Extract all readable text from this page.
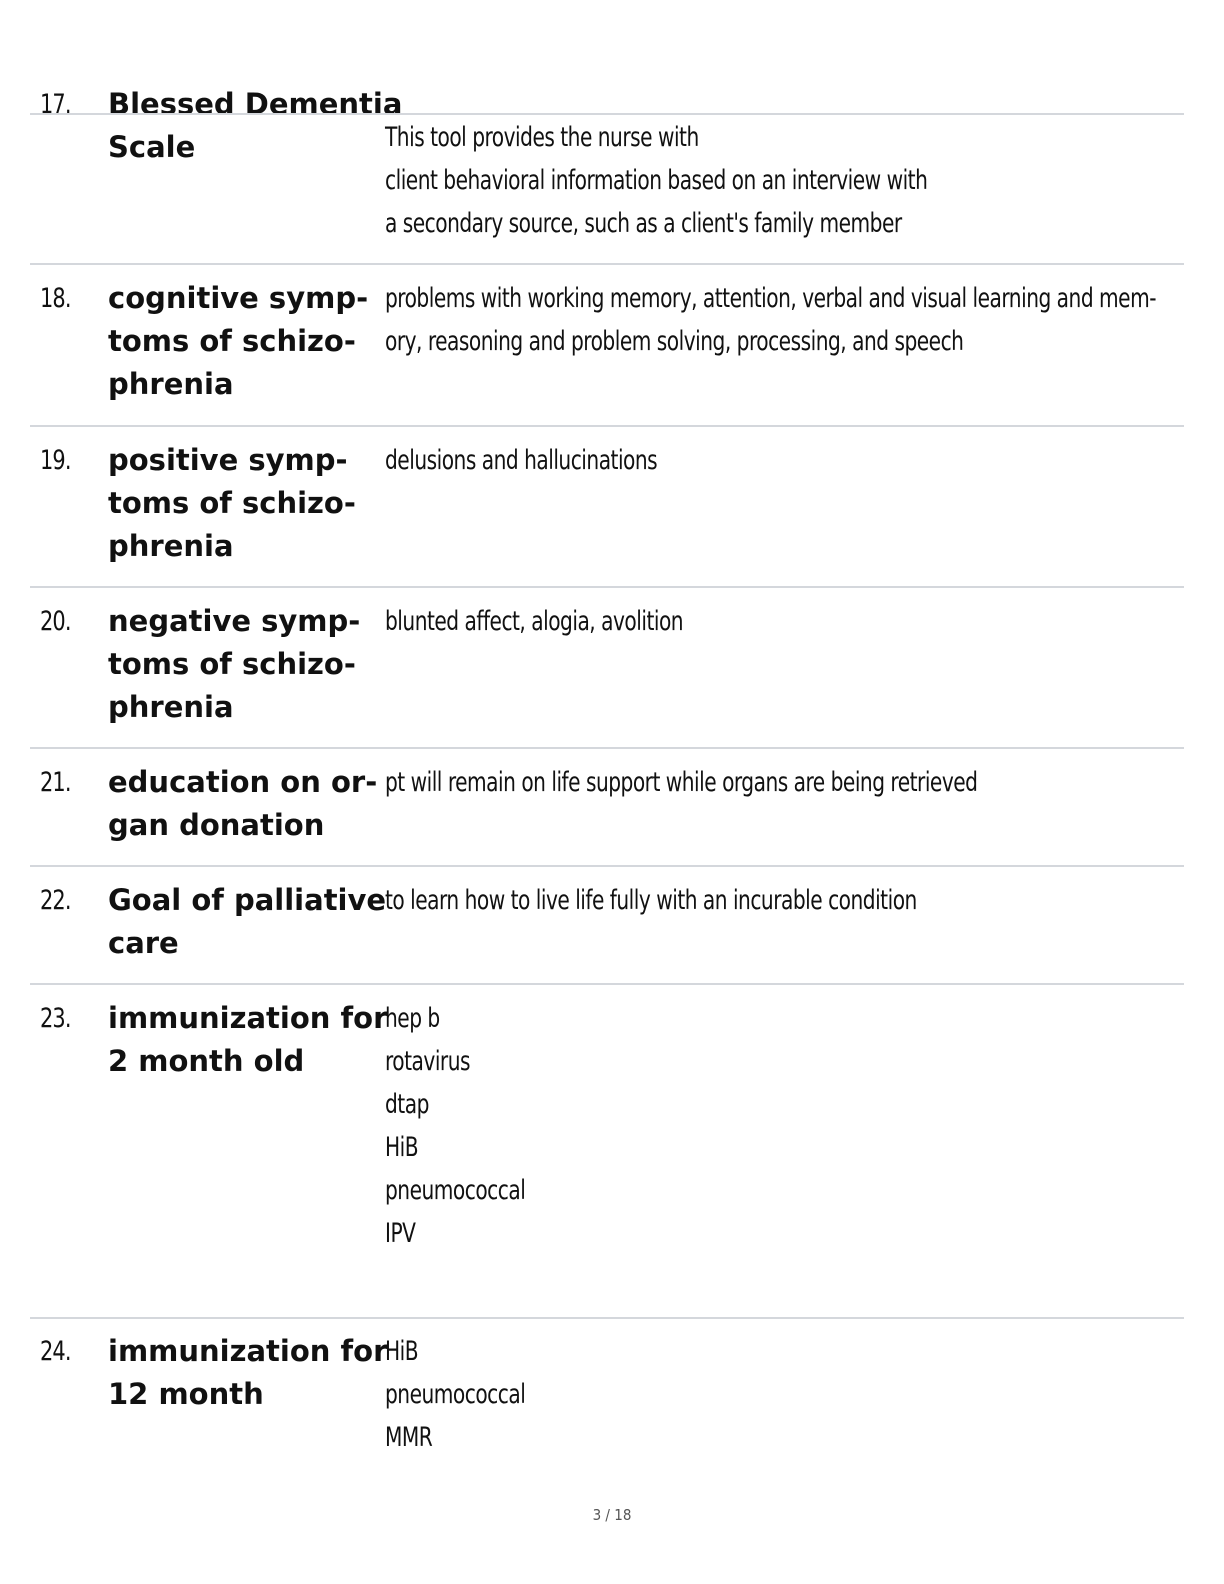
17. Blessed Dementia
Scale	This tool provides the nurse with
client behavioral information based on an interview with
a secondary source, such as a client's family member
18. cognitive symp-
toms of schizo-
phrenia
problems with working memory, attention, verbal and visual learning and mem-
ory, reasoning and problem solving, processing, and speech
19. positive symp-
toms of schizo-
phrenia
delusions and hallucinations
20. negative symp-
toms of schizo-
phrenia
blunted affect, alogia, avolition
21. education on or-
gan donation
pt will remain on life support while organs are being retrieved
22. Goal of palliative
care
to learn how to live life fully with an incurable condition
23. immunization for
2 month old
hep b
rotavirus
dtap
HiB
pneumococcal
IPV
24. immunization for
12 month
HiB
pneumococcal
MMR
3 / 18
